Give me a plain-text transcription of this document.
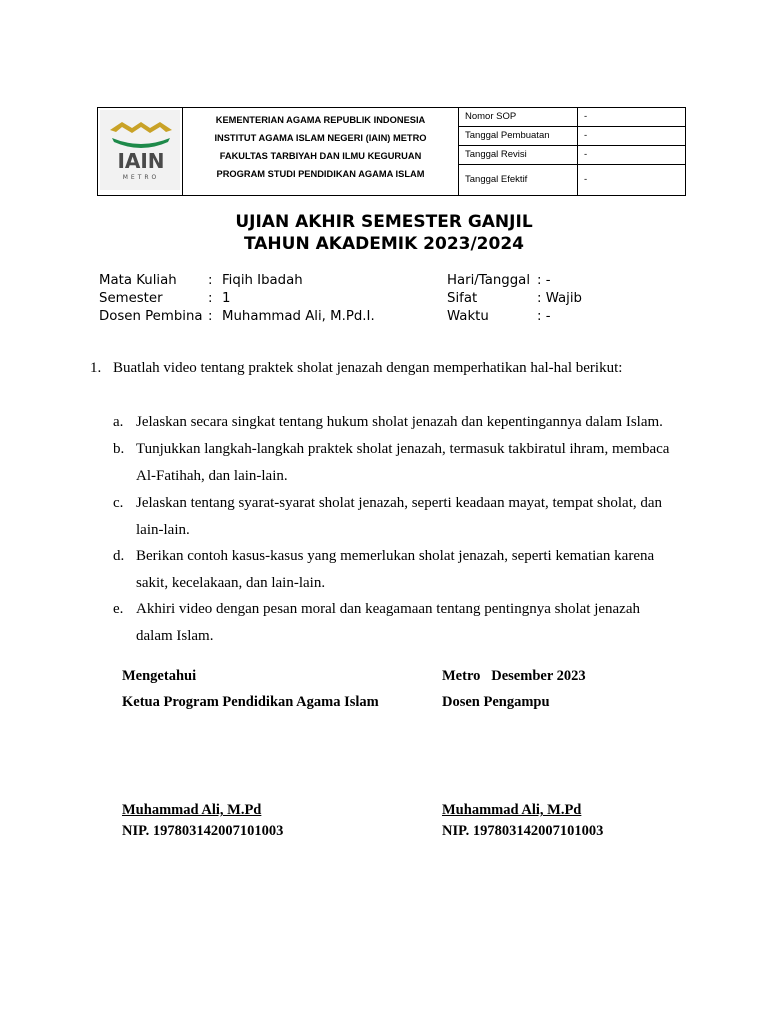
IAIN
METRO
KEMENTERIAN AGAMA REPUBLIK INDONESIA
INSTITUT AGAMA ISLAM NEGERI (IAIN) METRO
FAKULTAS TARBIYAH DAN ILMU KEGURUAN
PROGRAM STUDI PENDIDIKAN AGAMA ISLAM
Nomor SOP	-
Tanggal Pembuatan	-
Tanggal Revisi	-
Tanggal Efektif	-
UJIAN AKHIR SEMESTER GANJIL
TAHUN AKADEMIK 2023/2024
Mata Kuliah : Fiqih Ibadah
Semester	: 1
Dosen Pembina : Muhammad Ali, M.Pd.I.
Hari/Tanggal : -
Sifat	: Wajib
Waktu	: -
1. Buatlah video tentang praktek sholat jenazah dengan memperhatikan hal-hal berikut:
a. Jelaskan secara singkat tentang hukum sholat jenazah dan kepentingannya dalam Islam.
b. Tunjukkan langkah-langkah praktek sholat jenazah, termasuk takbiratul ihram, membaca
Al-Fatihah, dan lain-lain.
c. Jelaskan tentang syarat-syarat sholat jenazah, seperti keadaan mayat, tempat sholat, dan
lain-lain.
d. Berikan contoh kasus-kasus yang memerlukan sholat jenazah, seperti kematian karena
sakit, kecelakaan, dan lain-lain.
e. Akhiri video dengan pesan moral dan keagamaan tentang pentingnya sholat jenazah
dalam Islam.
Mengetahui
Ketua Program Pendidikan Agama Islam
Muhammad Ali, M.Pd
NIP. 197803142007101003
Metro   Desember 2023
Dosen Pengampu
Muhammad Ali, M.Pd
NIP. 197803142007101003
